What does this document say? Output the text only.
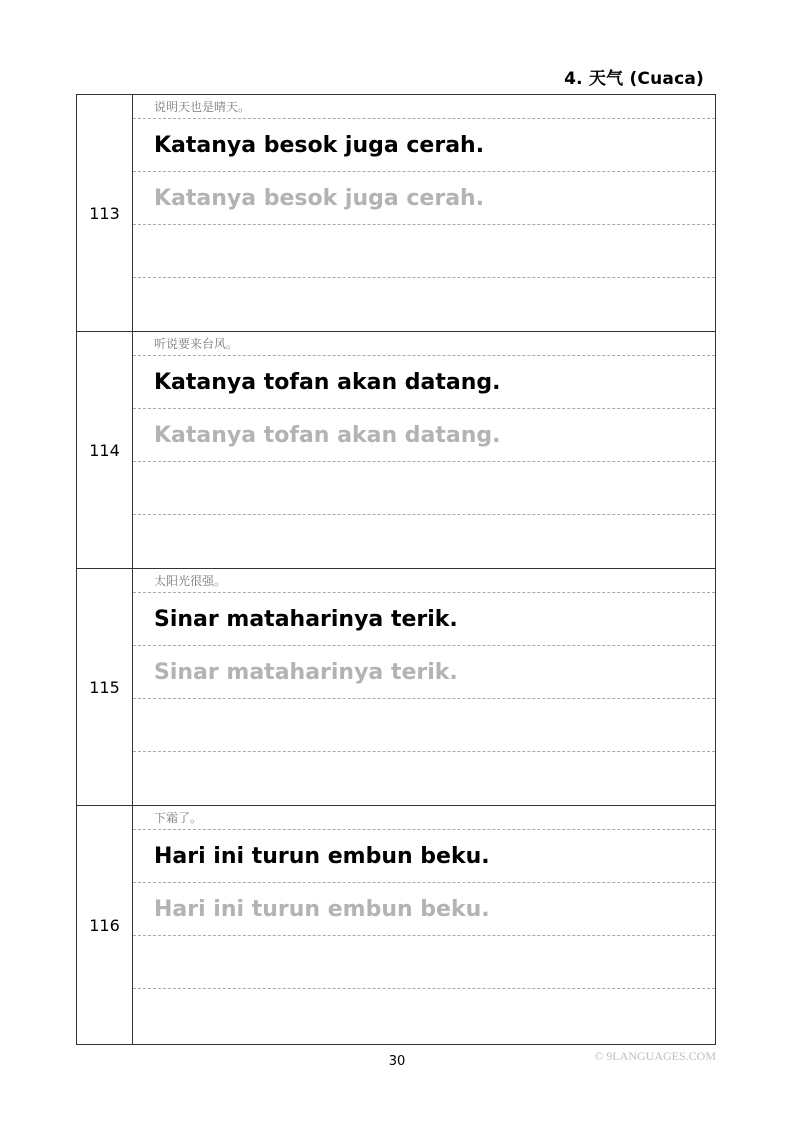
4. 天气 (Cuaca)
113
说明天也是晴天。
Katanya besok juga cerah.
Katanya besok juga cerah.
114
听说要来台风。
Katanya tofan akan datang.
Katanya tofan akan datang.
115
太阳光很强。
Sinar mataharinya terik.
Sinar mataharinya terik.
116
下霜了。
Hari ini turun embun beku.
Hari ini turun embun beku.
30	© 9LANGUAGES.COM
